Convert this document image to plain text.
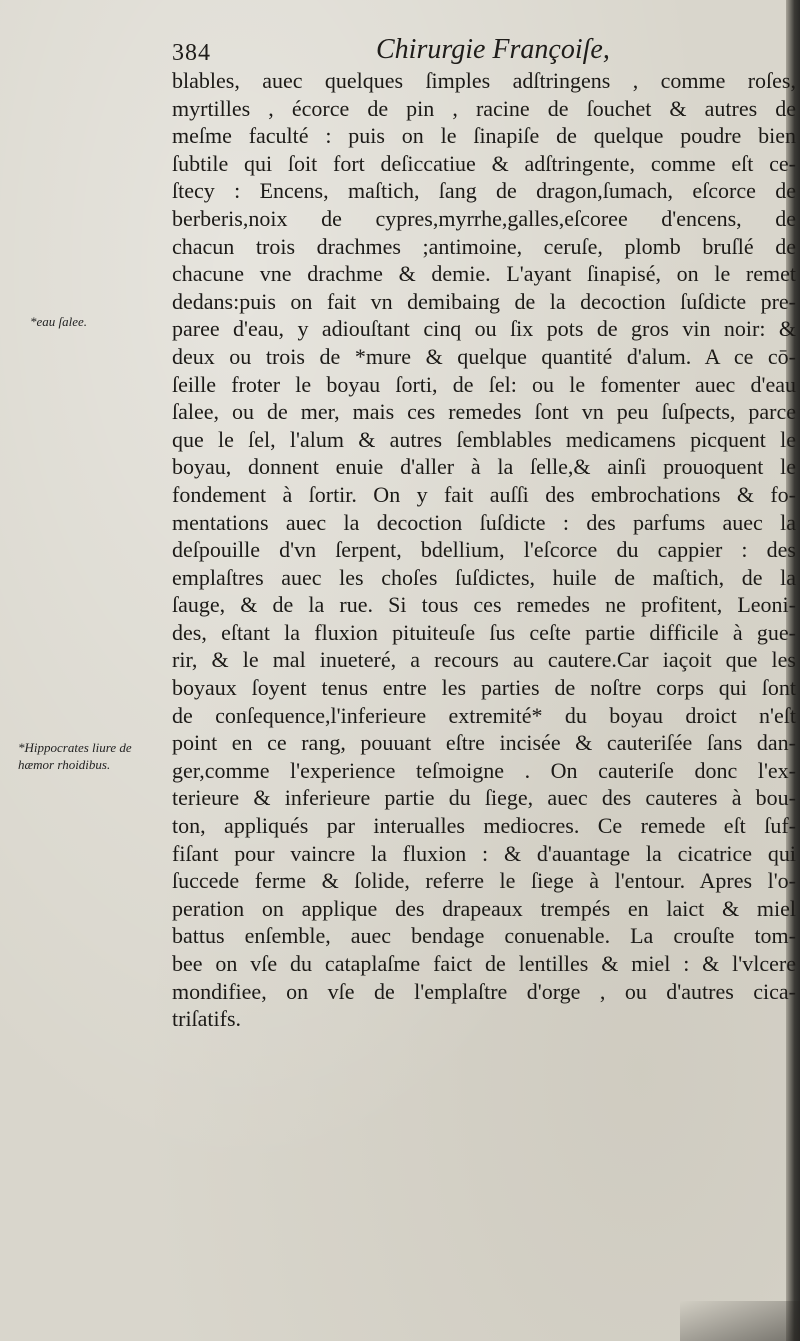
384	Chirurgie Françoiſe,
*eau ſalee.
*Hippocrates liure de hæmor rhoidibus.
blables, auec quelques ſimples adſtringens , comme roſes,
myrtilles , écorce de pin , racine de ſouchet & autres de
meſme faculté : puis on le ſinapiſe de quelque poudre bien
ſubtile qui ſoit fort deſiccatiue & adſtringente, comme eſt ce-
ſtecy : Encens, maſtich, ſang de dragon,ſumach, eſcorce de
berberis,noix de cypres,myrrhe,galles,eſcoree d'encens, de
chacun trois drachmes ;antimoine, ceruſe, plomb bruſlé de
chacune vne drachme & demie. L'ayant ſinapisé, on le remet
dedans:puis on fait vn demibaing de la decoction ſuſdicte pre-
paree d'eau, y adiouſtant cinq ou ſix pots de gros vin noir: &
deux ou trois de *mure & quelque quantité d'alum. A ce cō-
ſeille froter le boyau ſorti, de ſel: ou le fomenter auec d'eau
ſalee, ou de mer, mais ces remedes ſont vn peu ſuſpects, parce
que le ſel, l'alum & autres ſemblables medicamens picquent le
boyau, donnent enuie d'aller à la ſelle,& ainſi prouoquent le
fondement à ſortir. On y fait auſſi des embrochations & fo-
mentations auec la decoction ſuſdicte : des parfums auec la
deſpouille d'vn ſerpent, bdellium, l'eſcorce du cappier : des
emplaſtres auec les choſes ſuſdictes, huile de maſtich, de la
ſauge, & de la rue. Si tous ces remedes ne profitent, Leoni-
des, eſtant la fluxion pituiteuſe ſus ceſte partie difficile à gue-
rir, & le mal inueteré, a recours au cautere.Car iaçoit que les
boyaux ſoyent tenus entre les parties de noſtre corps qui ſont
de conſequence,l'inferieure extremité* du boyau droict n'eſt
point en ce rang, pouuant eſtre incisée & cauteriſée ſans dan-
ger,comme l'experience teſmoigne . On cauteriſe donc l'ex-
terieure & inferieure partie du ſiege, auec des cauteres à bou-
ton, appliqués par interualles mediocres. Ce remede eſt ſuf-
fiſant pour vaincre la fluxion : & d'auantage la cicatrice qui
ſuccede ferme & ſolide, referre le ſiege à l'entour. Apres l'o-
peration on applique des drapeaux trempés en laict & miel
battus enſemble, auec bendage conuenable. La crouſte tom-
bee on vſe du cataplaſme faict de lentilles & miel : & l'vlcere
mondifiee, on vſe de l'emplaſtre d'orge , ou d'autres cica-
triſatifs.
